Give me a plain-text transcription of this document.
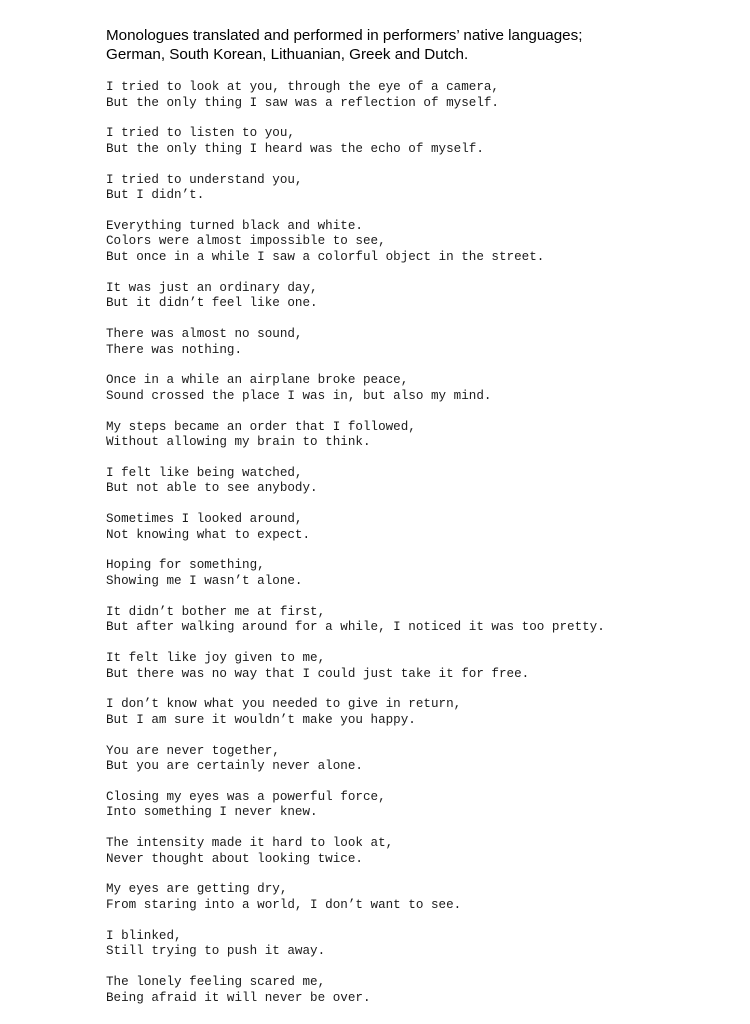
Monologues translated and performed in performers’ native languages;
German, South Korean, Lithuanian, Greek and Dutch.
I tried to look at you, through the eye of a camera,
But the only thing I saw was a reflection of myself.
I tried to listen to you,
But the only thing I heard was the echo of myself.
I tried to understand you,
But I didn’t.
Everything turned black and white.
Colors were almost impossible to see,
But once in a while I saw a colorful object in the street.
It was just an ordinary day,
But it didn’t feel like one.
There was almost no sound,
There was nothing.
Once in a while an airplane broke peace,
Sound crossed the place I was in, but also my mind.
My steps became an order that I followed,
Without allowing my brain to think.
I felt like being watched,
But not able to see anybody.
Sometimes I looked around,
Not knowing what to expect.
Hoping for something,
Showing me I wasn’t alone.
It didn’t bother me at first,
But after walking around for a while, I noticed it was too pretty.
It felt like joy given to me,
But there was no way that I could just take it for free.
I don’t know what you needed to give in return,
But I am sure it wouldn’t make you happy.
You are never together,
But you are certainly never alone.
Closing my eyes was a powerful force,
Into something I never knew.
The intensity made it hard to look at,
Never thought about looking twice.
My eyes are getting dry,
From staring into a world, I don’t want to see.
I blinked,
Still trying to push it away.
The lonely feeling scared me,
Being afraid it will never be over.
